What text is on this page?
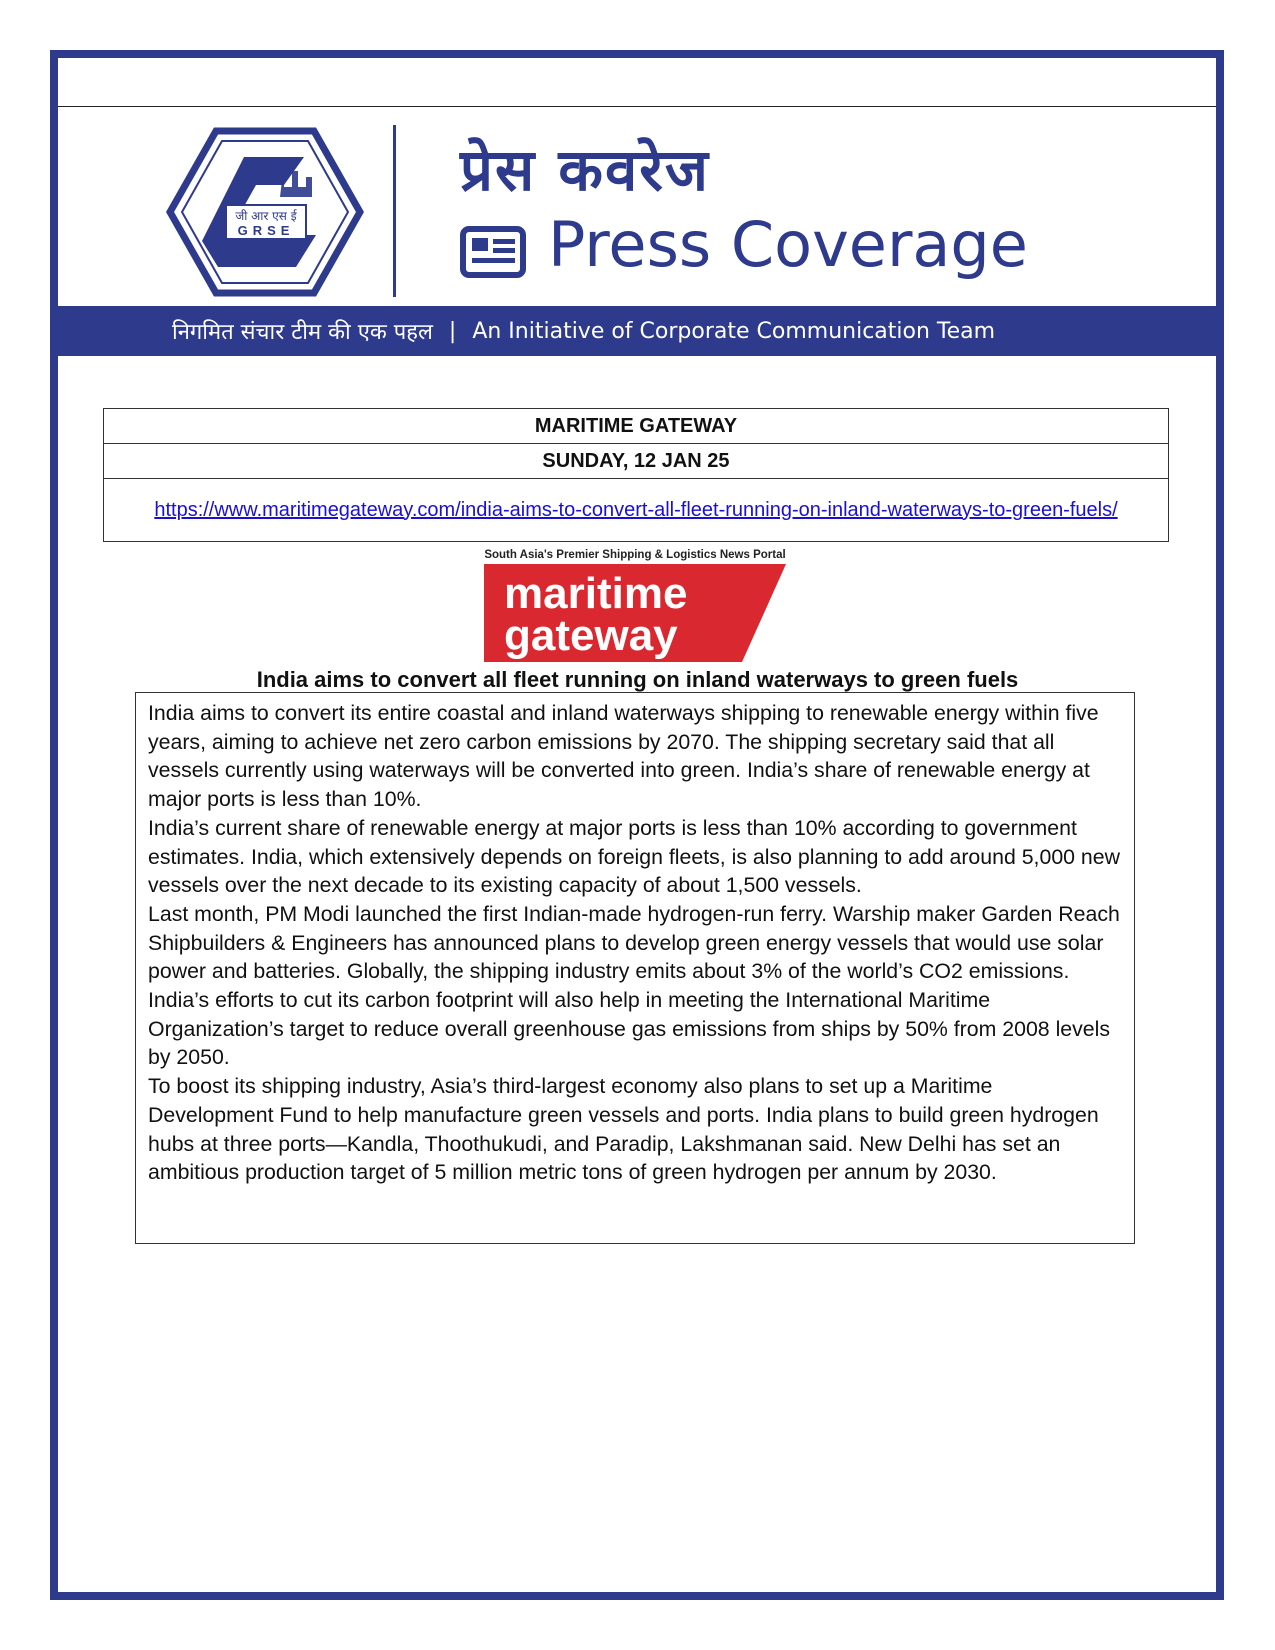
जी आर एस ई
GRSE
प्रेस कवरेज
Press Coverage
निगमित संचार टीम की एक पहल | An Initiative of Corporate Communication Team
MARITIME GATEWAY
SUNDAY, 12 JAN 25
https://www.maritimegateway.com/india-aims-to-convert-all-fleet-running-on-inland-waterways-to-green-fuels/
South Asia's Premier Shipping & Logistics News Portal
maritime
gateway
India aims to convert all fleet running on inland waterways to green fuels

India aims to convert its entire coastal and inland waterways shipping to renewable energy within five years, aiming to achieve net zero carbon emissions by 2070. The shipping secretary said that all vessels currently using waterways will be converted into green. India’s share of renewable energy at major ports is less than 10%.

India’s current share of renewable energy at major ports is less than 10% according to government estimates. India, which extensively depends on foreign fleets, is also planning to add around 5,000 new vessels over the next decade to its existing capacity of about 1,500 vessels.

Last month, PM Modi launched the first Indian-made hydrogen-run ferry. Warship maker Garden Reach Shipbuilders & Engineers has announced plans to develop green energy vessels that would use solar power and batteries. Globally, the shipping industry emits about 3% of the world’s CO2 emissions. India’s efforts to cut its carbon footprint will also help in meeting the International Maritime Organization’s target to reduce overall greenhouse gas emissions from ships by 50% from 2008 levels by 2050.

To boost its shipping industry, Asia’s third-largest economy also plans to set up a Maritime Development Fund to help manufacture green vessels and ports. India plans to build green hydrogen hubs at three ports—Kandla, Thoothukudi, and Paradip, Lakshmanan said. New Delhi has set an ambitious production target of 5 million metric tons of green hydrogen per annum by 2030.
